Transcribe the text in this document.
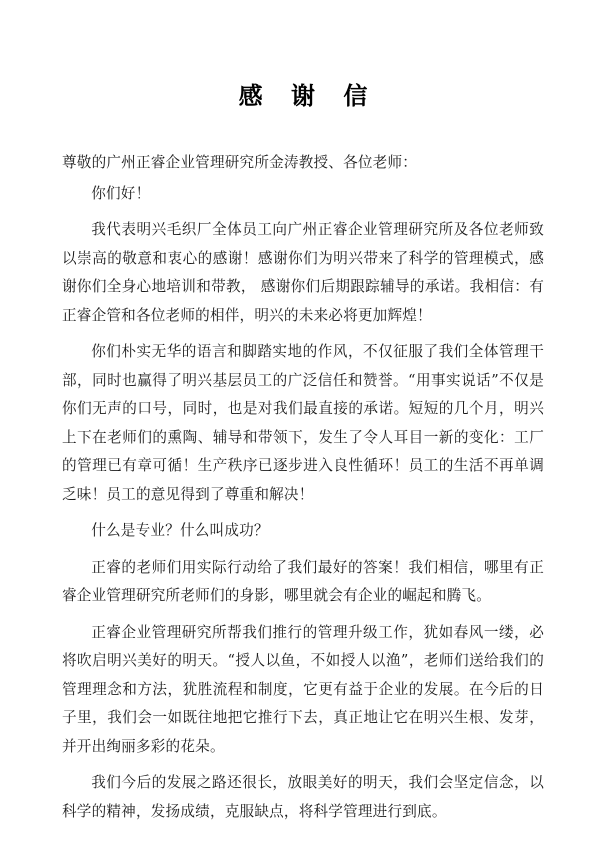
感 谢 信

尊敬的广州正睿企业管理研究所金涛教授、各位老师：

你们好！

我代表明兴毛织厂全体员工向广州正睿企业管理研究所及各位老师致以崇高的敬意和衷心的感谢！感谢你们为明兴带来了科学的管理模式，感谢你们全身心地培训和带教， 感谢你们后期跟踪辅导的承诺。我相信：有正睿企管和各位老师的相伴，明兴的未来必将更加辉煌！

你们朴实无华的语言和脚踏实地的作风，不仅征服了我们全体管理干部，同时也赢得了明兴基层员工的广泛信任和赞誉。“用事实说话”不仅是你们无声的口号，同时，也是对我们最直接的承诺。短短的几个月，明兴上下在老师们的熏陶、辅导和带领下，发生了令人耳目一新的变化：工厂的管理已有章可循！生产秩序已逐步进入良性循环！员工的生活不再单调乏味！员工的意见得到了尊重和解决！

什么是专业？什么叫成功？

正睿的老师们用实际行动给了我们最好的答案！我们相信，哪里有正睿企业管理研究所老师们的身影，哪里就会有企业的崛起和腾飞。

正睿企业管理研究所帮我们推行的管理升级工作，犹如春风一缕，必将吹启明兴美好的明天。“授人以鱼，不如授人以渔”，老师们送给我们的管理理念和方法，犹胜流程和制度，它更有益于企业的发展。在今后的日子里，我们会一如既往地把它推行下去，真正地让它在明兴生根、发芽，并开出绚丽多彩的花朵。

我们今后的发展之路还很长，放眼美好的明天，我们会坚定信念，以科学的精神，发扬成绩，克服缺点，将科学管理进行到底。
